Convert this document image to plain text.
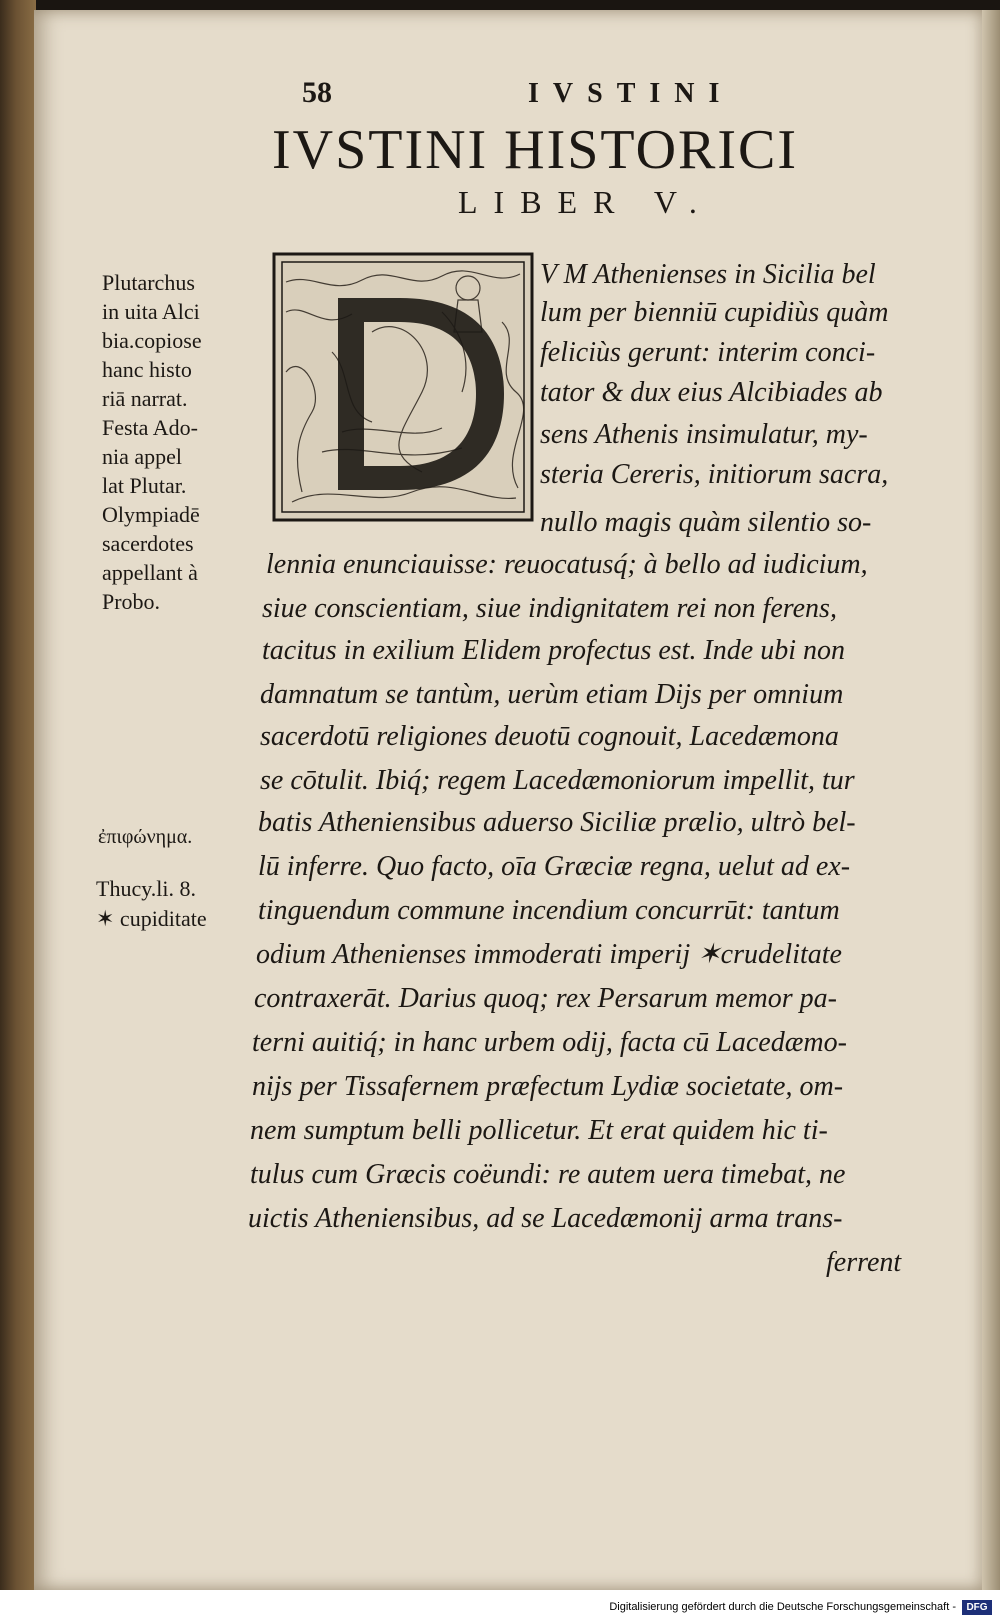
58	IVSTINI
IVSTINI HISTORICI
LIBER V.
Plutarchus
in uita Alci
bia.copiose
hanc histo
riā narrat.
Festa Ado-
nia appel
lat Plutar.
Olympiadē
sacerdotes
appellant à
Probo.
ἐπιφώνημα.
Thucy.li. 8.
✶ cupiditate
D
V M Athenienses in Sicilia bel
lum per bienniū cupidiùs quàm
feliciùs gerunt: interim conci-
tator & dux eius Alcibiades ab
sens Athenis insimulatur, my-
steria Cereris, initiorum sacra,
nullo magis quàm silentio so-
lennia enunciauisse: reuocatusq́; à bello ad iudicium,
siue conscientiam, siue indignitatem rei non ferens,
tacitus in exilium Elidem profectus est. Inde ubi non
damnatum se tantùm, uerùm etiam Dijs per omnium
sacerdotū religiones deuotū cognouit, Lacedæmona
se cōtulit. Ibiq́; regem Lacedæmoniorum impellit, tur
batis Atheniensibus aduerso Siciliæ prælio, ultrò bel-
lū inferre. Quo facto, oīa Græciæ regna, uelut ad ex-
tinguendum commune incendium concurrūt: tantum
odium Athenienses immoderati imperij ✶crudelitate
contraxerāt. Darius quoq; rex Persarum memor pa-
terni auitiq́; in hanc urbem odij, facta cū Lacedæmo-
nijs per Tissafernem præfectum Lydiæ societate, om-
nem sumptum belli pollicetur. Et erat quidem hic ti-
tulus cum Græcis coëundi: re autem uera timebat, ne
uictis Atheniensibus, ad se Lacedæmonij arma trans-
ferrent
Digitalisierung gefördert durch die Deutsche Forschungsgemeinschaft -	DFG
